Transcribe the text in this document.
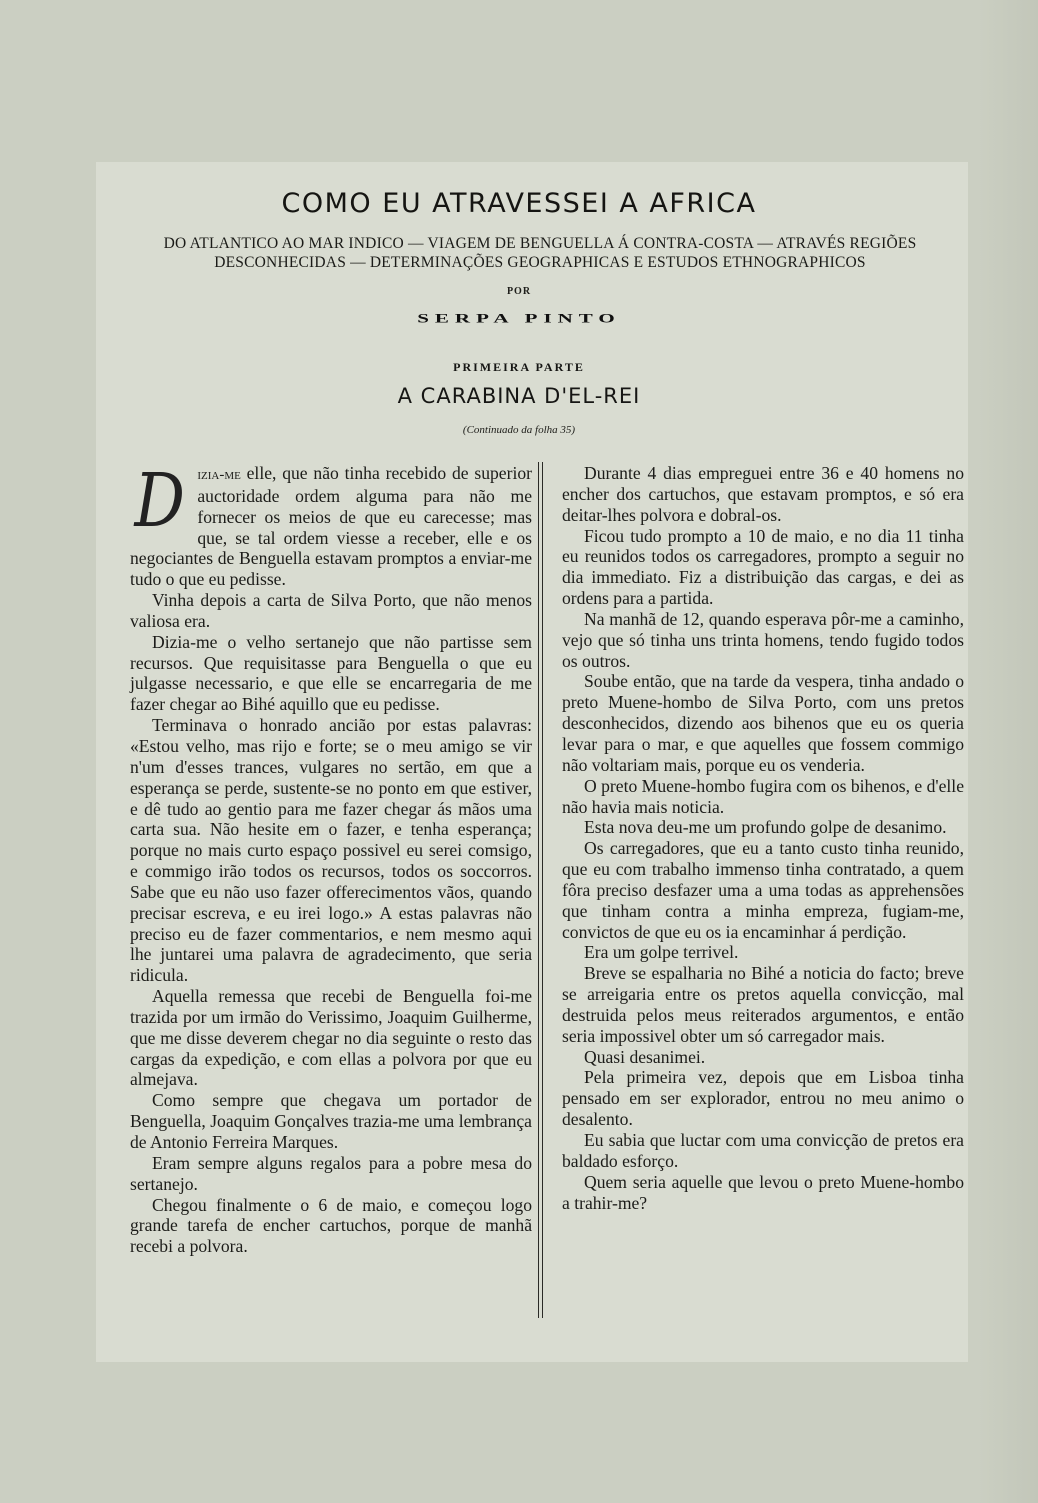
COMO EU ATRAVESSEI A AFRICA
DO ATLANTICO AO MAR INDICO — VIAGEM DE BENGUELLA Á CONTRA-COSTA — ATRAVÉS REGIÕES
DESCONHECIDAS — DETERMINAÇÕES GEOGRAPHICAS E ESTUDOS ETHNOGRAPHICOS
POR
SERPA PINTO
PRIMEIRA PARTE
A CARABINA D'EL-REI
(Continuado da folha 35)

Dizia-me elle, que não tinha recebido de superior auctoridade ordem alguma para não me fornecer os meios de que eu carecesse; mas que, se tal ordem viesse a receber, elle e os negociantes de Benguella estavam promptos a enviar-me tudo o que eu pedisse.

Vinha depois a carta de Silva Porto, que não menos valiosa era.

Dizia-me o velho sertanejo que não partisse sem recursos. Que requisitasse para Benguella o que eu julgasse necessario, e que elle se encarregaria de me fazer chegar ao Bihé aquillo que eu pedisse.

Terminava o honrado ancião por estas palavras: «Estou velho, mas rijo e forte; se o meu amigo se vir n'um d'esses trances, vulgares no sertão, em que a esperança se perde, sustente-se no ponto em que estiver, e dê tudo ao gentio para me fazer chegar ás mãos uma carta sua. Não hesite em o fazer, e tenha esperança; porque no mais curto espaço possivel eu serei comsigo, e commigo irão todos os recursos, todos os soccorros. Sabe que eu não uso fazer offerecimentos vãos, quando precisar escreva, e eu irei logo.» A estas palavras não preciso eu de fazer commentarios, e nem mesmo aqui lhe juntarei uma palavra de agradecimento, que seria ridicula.

Aquella remessa que recebi de Benguella foi-me trazida por um irmão do Verissimo, Joaquim Guilherme, que me disse deverem chegar no dia seguinte o resto das cargas da expedição, e com ellas a polvora por que eu almejava.

Como sempre que chegava um portador de Benguella, Joaquim Gonçalves trazia-me uma lembrança de Antonio Ferreira Marques.

Eram sempre alguns regalos para a pobre mesa do sertanejo.

Chegou finalmente o 6 de maio, e começou logo grande tarefa de encher cartuchos, porque de manhã recebi a polvora.

Durante 4 dias empreguei entre 36 e 40 homens no encher dos cartuchos, que estavam promptos, e só era deitar-lhes polvora e dobral-os.

Ficou tudo prompto a 10 de maio, e no dia 11 tinha eu reunidos todos os carregadores, prompto a seguir no dia immediato. Fiz a distribuição das cargas, e dei as ordens para a partida.

Na manhã de 12, quando esperava pôr-me a caminho, vejo que só tinha uns trinta homens, tendo fugido todos os outros.

Soube então, que na tarde da vespera, tinha andado o preto Muene-hombo de Silva Porto, com uns pretos desconhecidos, dizendo aos bihenos que eu os queria levar para o mar, e que aquelles que fossem commigo não voltariam mais, porque eu os venderia.

O preto Muene-hombo fugira com os bihenos, e d'elle não havia mais noticia.

Esta nova deu-me um profundo golpe de desanimo.

Os carregadores, que eu a tanto custo tinha reunido, que eu com trabalho immenso tinha contratado, a quem fôra preciso desfazer uma a uma todas as apprehensões que tinham contra a minha empreza, fugiam-me, convictos de que eu os ia encaminhar á perdição.

Era um golpe terrivel.

Breve se espalharia no Bihé a noticia do facto; breve se arreigaria entre os pretos aquella convicção, mal destruida pelos meus reiterados argumentos, e então seria impossivel obter um só carregador mais.

Quasi desanimei.

Pela primeira vez, depois que em Lisboa tinha pensado em ser explorador, entrou no meu animo o desalento.

Eu sabia que luctar com uma convicção de pretos era baldado esforço.

Quem seria aquelle que levou o preto Muene-hombo a trahir-me?
